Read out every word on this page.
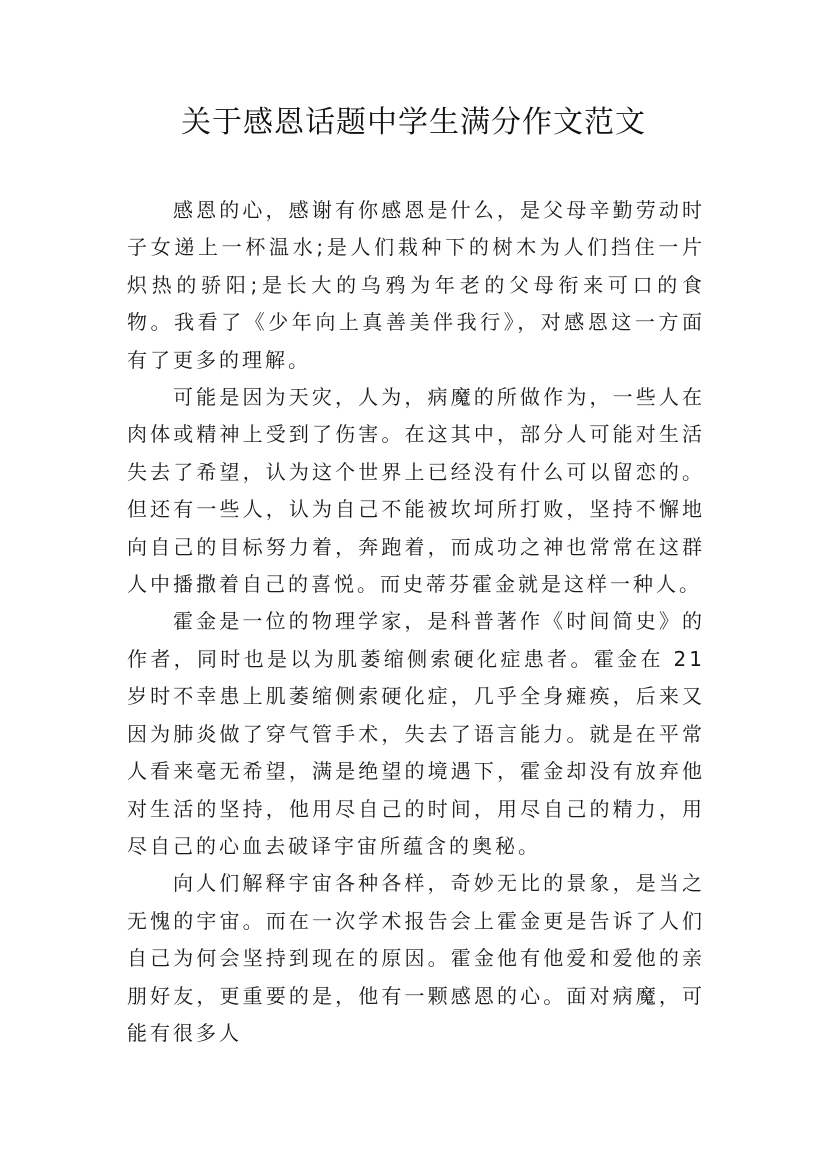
关于感恩话题中学生满分作文范文

感恩的心，感谢有你感恩是什么，是父母辛勤劳动时子女递上一杯温水;是人们栽种下的树木为人们挡住一片炽热的骄阳;是长大的乌鸦为年老的父母衔来可口的食物。我看了《少年向上真善美伴我行》，对感恩这一方面有了更多的理解。

可能是因为天灾，人为，病魔的所做作为，一些人在肉体或精神上受到了伤害。在这其中，部分人可能对生活失去了希望，认为这个世界上已经没有什么可以留恋的。但还有一些人，认为自己不能被坎坷所打败，坚持不懈地向自己的目标努力着，奔跑着，而成功之神也常常在这群人中播撒着自己的喜悦。而史蒂芬霍金就是这样一种人。

霍金是一位的物理学家，是科普著作《时间简史》的作者，同时也是以为肌萎缩侧索硬化症患者。霍金在 21 岁时不幸患上肌萎缩侧索硬化症，几乎全身瘫痪，后来又因为肺炎做了穿气管手术，失去了语言能力。就是在平常人看来毫无希望，满是绝望的境遇下，霍金却没有放弃他对生活的坚持，他用尽自己的时间，用尽自己的精力，用尽自己的心血去破译宇宙所蕴含的奥秘。

向人们解释宇宙各种各样，奇妙无比的景象，是当之无愧的宇宙。而在一次学术报告会上霍金更是告诉了人们自己为何会坚持到现在的原因。霍金他有他爱和爱他的亲朋好友，更重要的是，他有一颗感恩的心。面对病魔，可能有很多人
